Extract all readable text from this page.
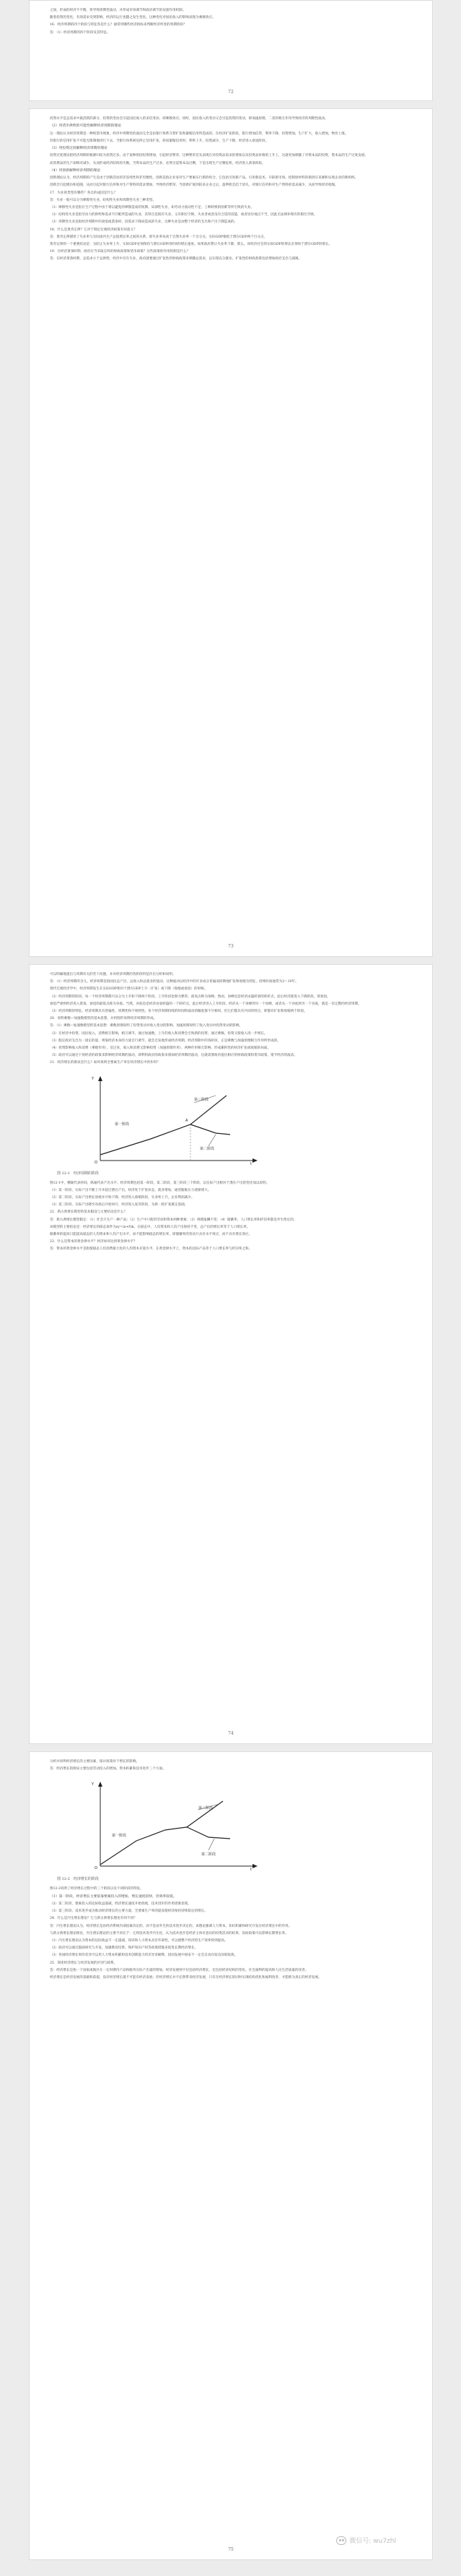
之间，形成的经济不平衡，将导致周期性波动，并形成市场调节和政府调节的双重作用机制。

随着投资的变化，有效需求受到影响，经济的运行也随之发生变化。这种变化对国民收入的影响表现为乘数效应。

16．经济周期的四个阶段与特征各是什么？通常用哪些经济指标来判断经济所处的周期阶段？

答：（1）经济周期的四个阶段及其特征。

72

投资水平是总需求中最活跃的部分，投资的变动会引起国民收入的多倍变动，即乘数效应。同时，国民收入的变动又会引起投资的变动，即加速原理，二者的相互作用导致经济的周期性波动。

（2）用货币供给的可能性解释经济周期的理论

这一理论认为经济周期是一种纯货币现象，经济中周期性的波动完全是由银行体系交替扩张和紧缩信用所造成的。在经济扩张阶段，银行增加信贷，利率下降，投资增加，生产扩大，收入增加，物价上涨。

但银行的信用扩张不可能无限制地进行下去，当银行体系被迫停止信用扩张，转而紧缩信用时，利率上升，投资减少，生产下降，经济进入衰退阶段。

（3）用投资过度解释经济周期的理论

投资过度理论把经济周期的根源归结为投资过多。由于某种原因投资增加，引起经济繁荣，这种繁荣首先表现在对投资品需求的增加以及投资品价格的上升上，这就更加刺激了对资本品的投资，资本品的生产过度发展。

而消费品的生产却相对减少，从而形成经济结构的失衡。当资本品的生产过多，必然引起资本品过剩，于是出现生产过剩危机，经济进入萧条阶段。

（4）用创新解释经济周期的理论

创新理论认为，经济周期的产生是由于创新活动的非连续性和非均衡性。创新是指企业家对生产要素实行新的组合，它包括引进新产品、引用新技术、开辟新市场、控制原材料的新供应来源和实现企业的新组织。

创新会引起模仿和追随，从而引起对银行信用和对生产资料的需求增加，导致经济繁荣。当创新扩展到较多企业之后，盈利机会趋于消失，对银行信用和对生产资料的需求减少，从而导致经济收缩。

17．失业的类型有哪些？各自的成因是什么？

答：失业一般可以分为摩擦性失业、结构性失业和周期性失业三种类型。

（1）摩擦性失业是指在生产过程中由于难以避免的摩擦造成的短期、局部性失业，如劳动力流动性不足、工种转换的困难等所引致的失业。

（2）结构性失业是指劳动力的供给和需求不匹配所造成的失业，其特点是既有失业，又有职位空缺，失业者或者没有合适的技能，或者居住地点不当，因此无法填补现有的职位空缺。

（3）周期性失业是指经济周期中的衰退或萧条时，因需求下降而造成的失业，这种失业是由整个经济的支出和产出下降造成的。

18．什么是奥肯定律？它对于制定宏观经济政策有何意义？

答：奥肯定律描述了失业率与实际国内生产总值增长率之间的关系，即失业率每高于自然失业率一个百分点，实际GDP便低于潜在GDP两个百分点。

奥肯定律的一个重要结论是：为防止失业率上升，实际GDP必须保持与潜在GDP同样快的增长速度。如果政府想让失业率下降，那么，该经济社会的实际GDP的增长必须快于潜在GDP的增长。

19．在经济萧条时期，政府应当采取怎样的财政政策和货币政策？这些政策的作用机制是什么？

答：在经济萧条时期，总需求小于总供给，经济中存在失业，政府就要通过扩张性的财政政策来刺激总需求，以实现充分就业。扩张性的财政政策包括增加政府支出与减税。

73

可以明确地提出与周期有关的若干问题，并对经济周期的各阶段特征作出分析和说明。

答：（1）经济周期的含义。经济周期是指国民总产出、总收入和总就业的波动，这种波动以经济中的许多成分普遍而同期地扩张和收缩为特征，持续时间通常为2～10年。

现代宏观经济学中，经济周期发生在实际GDP相对于潜在GDP上升（扩张）或下降（收缩或衰退）的时候。

（2）经济周期的阶段。每一个经济周期都可以分为上升和下降两个阶段。上升阶段也称为繁荣，最高点称为顶峰。然而，顶峰也是经济由盛转衰的转折点，此后经济就进入下降阶段，即衰退。

衰退严重则经济进入萧条，衰退的最低点称为谷底。当然，谷底也是经济由衰转盛的一个转折点，此后经济进入上升阶段。经济从一个顶峰到另一个顶峰，或者从一个谷底到另一个谷底，就是一次完整的经济周期。

（3）经济周期的特征。经济周期具有普遍性、周期性和不规则性。各个经济周期持续的时间和波动的幅度都不尽相同，但它们都具有共同的特点，即都有扩张和收缩两个阶段。

20．说明乘数—加速数模型的基本思想，并用图形说明经济周期的形成。

答：（1）乘数—加速数模型的基本思想：乘数原理说明了投资变动对收入变动的影响，加速原理说明了收入变动对投资变动的影响。

（2）在经济中投资、国民收入、消费相互影响，相互调节。通过加速数，上升的收入和消费会引致新的投资；通过乘数，投资又使收入进一步增长。

（3）假定政府支出为一固定的量，则靠经济本身的力量自行调节，就会自发地形成经济周期。经济周期中的各阶段，正是乘数与加速原理相互作用所形成的。

（4）投资影响收入和消费（乘数作用），反过来，收入和消费又影响投资（加速原理作用），两种作用相互影响，形成累积性的经济扩张或收缩的局面。

（5）政府可以通过干预经济的政策来影响经济周期的波动，即利用政府的政策来削弱经济周期的波动，这就需要政府提出相应的财政政策和货币政策，熨平经济的波动。

21．经济增长的源泉是什么？如何说明全要素生产率在经济增长中的作用？

第一阶段
第三阶段
第二阶段
O
Y
t
A
图 12-1　经济周期的阶段

图12-1中，横轴代表时间，纵轴代表产出水平。经济周期包括第一阶段、第二阶段、第三阶段三个阶段，以实际产出相对于潜在产出的变化加以说明。

（1）第一阶段，实际产出不断上升并超过潜在产出，经济处于扩张状态，就业增加，通货膨胀压力逐渐增大。

（2）第二阶段，实际产出增长放缓并开始下降，经济进入收缩阶段，失业率上升，企业利润减少。

（3）第三阶段，实际产出降至谷底后开始回升，经济进入复苏阶段，为新一轮扩张奠定基础。

22．新古典增长模型的基本假设与主要结论是什么？

答：新古典增长模型假定：（1）社会只生产一种产品；（2）生产中只使用劳动和资本两种要素；（3）规模报酬不变；（4）储蓄率、人口增长率和折旧率都是外生给定的。

该模型的主要结论是：经济增长的稳态条件为sy=(n+δ)k。在稳态中，人均资本和人均产出保持不变，总产出的增长率等于人口增长率。

储蓄率的提高只能提高稳态的人均资本和人均产出水平，而不能影响稳态的增长率，即储蓄率的变动只具有水平效应，而不具有增长效应。

23．什么是资本的黄金律水平？经济如何达到黄金律水平？

答：资本的黄金律水平是指使稳态人均消费最大化的人均资本存量水平。在黄金律水平上，资本的边际产品等于人口增长率与折旧率之和。

74

分析并说明经济增长的主要因素，探讨政策对于增长的影响。

答：经济增长的源泉主要包括劳动投入的增加、资本积累和技术进步三个方面。

第一阶段
第三阶段
第二阶段
O
Y
t
图 12-2　经济增长的阶段

图12-2说明了经济增长过程中的三个阶段以及不同阶段的特征。

（1）第一阶段，经济增长主要依靠要素投入的增加，增长速度较快，但效率较低。

（2）第二阶段，要素投入的边际收益递减，经济增长速度开始放缓，技术进步的作用逐渐显现。

（3）第三阶段，技术进步成为推动经济增长的主要力量，全要素生产率的提高使经济保持持续稳定的增长。

24．什么是内生增长理论？它与新古典增长理论有何不同？

答：内生增长理论认为，经济增长是由经济系统内部因素决定的，而不是由外生的技术进步决定的。该理论强调人力资本、知识积累和研究开发在经济增长中的作用。

与新古典增长理论相比，内生增长理论的主要不同在于：它将技术进步内生化，认为技术进步是经济主体有意识的投资活动的结果，因而政策可以影响长期增长率。

（1）内生增长理论认为资本的边际收益不一定递减，知识和人力资本具有外部性，可以使整个经济的生产效率得到提高。

（2）政府可以通过鼓励研究与开发、加强教育投资、保护知识产权等政策措施来促进长期经济增长。

（3）各国经济增长率的差异可以用人力资本积累和技术创新能力的差异来解释，因而发展中国家不一定会自动向发达国家收敛。

25．简述经济增长与经济发展的区别与联系。

答：经济增长是指一个国家或地区在一定时期内产品和服务实际产出量的增加，经济发展则不仅包括经济增长，还包括经济结构的变化、社会福利的提高和人民生活质量的改善。

经济增长是经济发展的基础和前提，没有经济增长就不可能有经济发展；但经济增长并不必然带来经济发展，只有在经济增长的同时实现结构优化和福利改善，才能称为真正的经济发展。

75
微信号: wu7zhl
